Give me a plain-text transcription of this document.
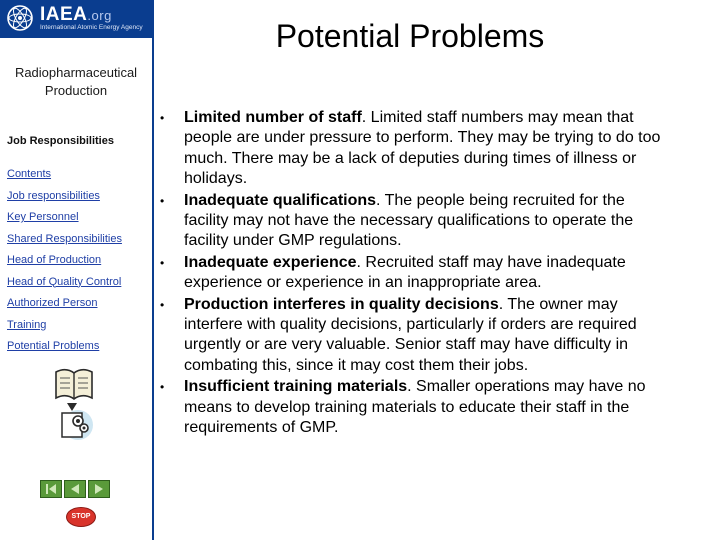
IAEA.org
International Atomic Energy Agency
Radiopharmaceutical Production
Job Responsibilities
Contents
Job responsibilities
Key Personnel
Shared Responsibilities
Head of Production
Head of Quality Control
Authorized Person
Training
Potential Problems
STOP
Potential Problems
•	Limited number of staff. Limited staff numbers may mean that people are under pressure to perform. They may be trying to do too much. There may be a lack of deputies during times of illness or holidays.
•	Inadequate qualifications. The people being recruited for the facility may not have the necessary qualifications to operate the facility under GMP regulations.
•	Inadequate experience. Recruited staff may have inadequate experience or experience in an inappropriate area.
•	Production interferes in quality decisions. The owner may interfere with quality decisions, particularly if orders are required urgently or are very valuable. Senior staff may have difficulty in combating this, since it may cost them their jobs.
•	Insufficient training materials. Smaller operations may have no means to develop training materials to educate their staff in the requirements of GMP.
